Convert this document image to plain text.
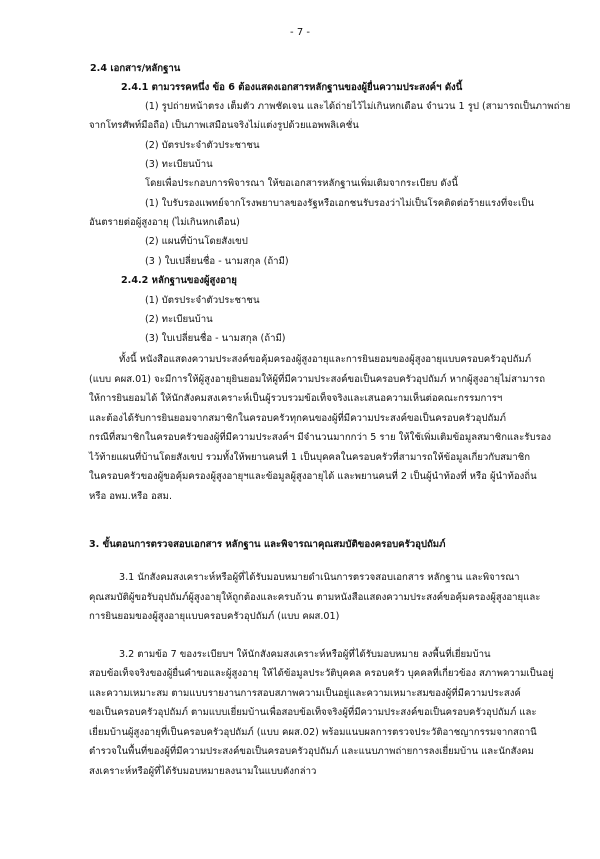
- 7 -
2.4 เอกสาร/หลักฐาน
2.4.1 ตามวรรคหนึ่ง ข้อ 6 ต้องแสดงเอกสารหลักฐานของผู้ยื่นความประสงค์ฯ ดังนี้
(1) รูปถ่ายหน้าตรง เต็มตัว ภาพชัดเจน และได้ถ่ายไว้ไม่เกินหกเดือน จำนวน 1 รูป (สามารถเป็นภาพถ่าย
จากโทรศัพท์มือถือ) เป็นภาพเสมือนจริงไม่แต่งรูปด้วยแอพพลิเคชั่น
(2) บัตรประจำตัวประชาชน
(3) ทะเบียนบ้าน
โดยเพื่อประกอบการพิจารณา ให้ขอเอกสารหลักฐานเพิ่มเติมจากระเบียบ ดังนี้
(1) ใบรับรองแพทย์จากโรงพยาบาลของรัฐหรือเอกชนรับรองว่าไม่เป็นโรคติดต่อร้ายแรงที่จะเป็น
อันตรายต่อผู้สูงอายุ (ไม่เกินหกเดือน)
(2) แผนที่บ้านโดยสังเขป
(3 ) ใบเปลี่ยนชื่อ - นามสกุล (ถ้ามี)
2.4.2 หลักฐานของผู้สูงอายุ
(1) บัตรประจำตัวประชาชน
(2) ทะเบียนบ้าน
(3) ใบเปลี่ยนชื่อ - นามสกุล (ถ้ามี)
ทั้งนี้ หนังสือแสดงความประสงค์ขอคุ้มครองผู้สูงอายุและการยินยอมของผู้สูงอายุแบบครอบครัวอุปถัมภ์
(แบบ คผส.01) จะมีการให้ผู้สูงอายุยินยอมให้ผู้ที่มีความประสงค์ขอเป็นครอบครัวอุปถัมภ์ หากผู้สูงอายุไม่สามารถ
ให้การยินยอมได้ ให้นักสังคมสงเคราะห์เป็นผู้รวบรวมข้อเท็จจริงและเสนอความเห็นต่อคณะกรรมการฯ
และต้องได้รับการยินยอมจากสมาชิกในครอบครัวทุกคนของผู้ที่มีความประสงค์ขอเป็นครอบครัวอุปถัมภ์
กรณีที่สมาชิกในครอบครัวของผู้ที่มีความประสงค์ฯ มีจำนวนมากกว่า 5 ราย ให้ใช้เพิ่มเติมข้อมูลสมาชิกและรับรอง
ไว้ท้ายแผนที่บ้านโดยสังเขป รวมทั้งให้พยานคนที่ 1 เป็นบุคคลในครอบครัวที่สามารถให้ข้อมูลเกี่ยวกับสมาชิก
ในครอบครัวของผู้ขอคุ้มครองผู้สูงอายุฯและข้อมูลผู้สูงอายุได้ และพยานคนที่ 2 เป็นผู้นำท้องที่ หรือ ผู้นำท้องถิ่น
หรือ อพม.หรือ อสม.
3. ขั้นตอนการตรวจสอบเอกสาร หลักฐาน และพิจารณาคุณสมบัติของครอบครัวอุปถัมภ์
3.1 นักสังคมสงเคราะห์หรือผู้ที่ได้รับมอบหมายดำเนินการตรวจสอบเอกสาร หลักฐาน และพิจารณา
คุณสมบัติผู้ขอรับอุปถัมภ์ผู้สูงอายุให้ถูกต้องและครบถ้วน ตามหนังสือแสดงความประสงค์ขอคุ้มครองผู้สูงอายุและ
การยินยอมของผู้สูงอายุแบบครอบครัวอุปถัมภ์ (แบบ คผส.01)
3.2 ตามข้อ 7 ของระเบียบฯ ให้นักสังคมสงเคราะห์หรือผู้ที่ได้รับมอบหมาย ลงพื้นที่เยี่ยมบ้าน
สอบข้อเท็จจริงของผู้ยื่นคำขอและผู้สูงอายุ ให้ได้ข้อมูลประวัติบุคคล ครอบครัว บุคคลที่เกี่ยวข้อง สภาพความเป็นอยู่
และความเหมาะสม ตามแบบรายงานการสอบสภาพความเป็นอยู่และความเหมาะสมของผู้ที่มีความประสงค์
ขอเป็นครอบครัวอุปถัมภ์ ตามแบบเยี่ยมบ้านเพื่อสอบข้อเท็จจริงผู้ที่มีความประสงค์ขอเป็นครอบครัวอุปถัมภ์ และ
เยี่ยมบ้านผู้สูงอายุที่เป็นครอบครัวอุปถัมภ์ (แบบ คผส.02) พร้อมแนบผลการตรวจประวัติอาชญากรรมจากสถานี
ตำรวจในพื้นที่ของผู้ที่มีความประสงค์ขอเป็นครอบครัวอุปถัมภ์ และแนบภาพถ่ายการลงเยี่ยมบ้าน และนักสังคม
สงเคราะห์หรือผู้ที่ได้รับมอบหมายลงนามในแบบดังกล่าว
